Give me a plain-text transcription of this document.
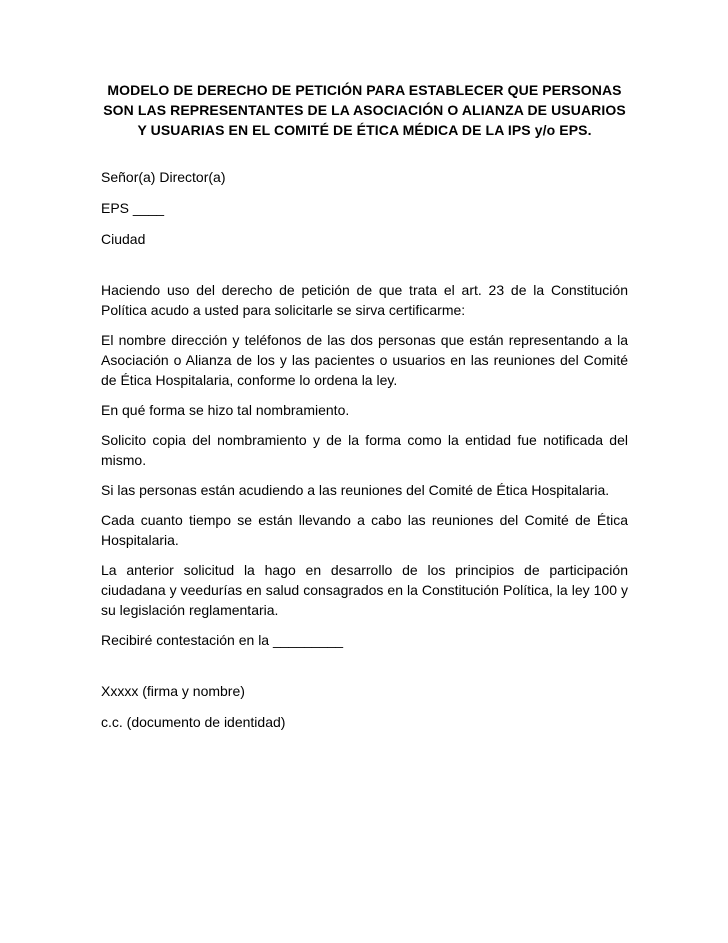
MODELO DE DERECHO DE PETICIÓN PARA ESTABLECER QUE PERSONAS SON LAS REPRESENTANTES DE LA ASOCIACIÓN O ALIANZA DE USUARIOS Y USUARIAS EN EL COMITÉ DE ÉTICA MÉDICA DE LA IPS y/o EPS.

Señor(a) Director(a)

EPS ____

Ciudad

Haciendo uso del derecho de petición de que trata el art. 23 de la Constitución Política acudo a usted para solicitarle se sirva certificarme:

El nombre dirección y teléfonos de las dos personas que están representando a la Asociación o Alianza de los y las pacientes o usuarios en las reuniones del Comité de Ética Hospitalaria, conforme lo ordena la ley.

En qué forma se hizo tal nombramiento.

Solicito copia del nombramiento y de la forma como la entidad fue notificada del mismo.

Si las personas están acudiendo a las reuniones del Comité de Ética Hospitalaria.

Cada cuanto tiempo se están llevando a cabo las reuniones del Comité de Ética Hospitalaria.

La anterior solicitud la hago en desarrollo de los principios de participación ciudadana y veedurías en salud consagrados en la Constitución Política, la ley 100 y su legislación reglamentaria.

Recibiré contestación en la _________

Xxxxx (firma y nombre)

c.c. (documento de identidad)
